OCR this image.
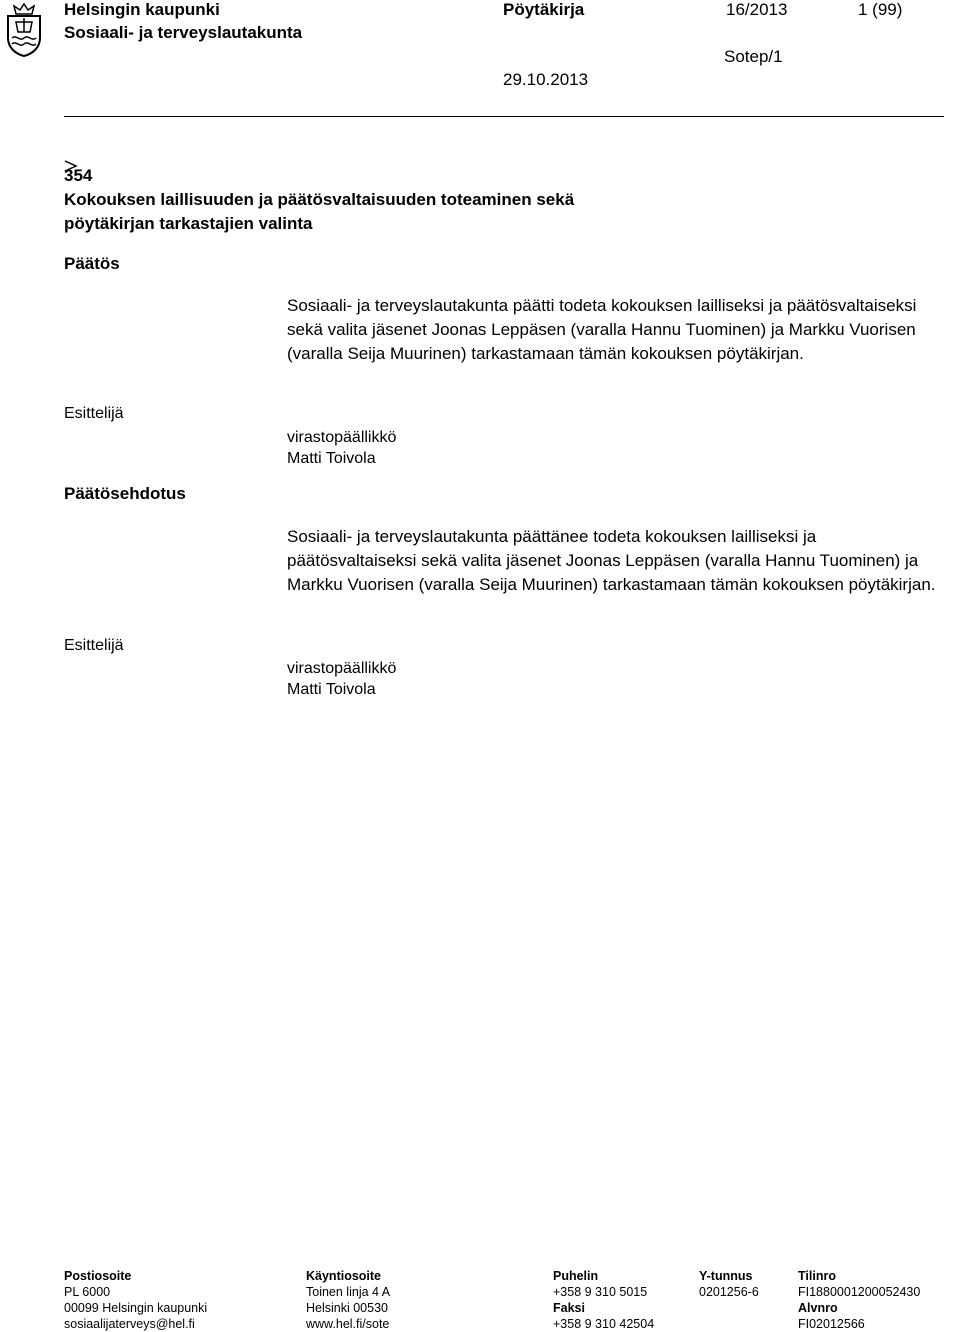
Helsingin kaupunki
Sosiaali- ja terveyslautakunta
Pöytäkirja	16/2013	1 (99)
Sotep/1
29.10.2013
354
Kokouksen laillisuuden ja päätösvaltaisuuden toteaminen sekä
pöytäkirjan tarkastajien valinta
Päätös
Sosiaali- ja terveyslautakunta päätti todeta kokouksen lailliseksi ja päätösvaltaiseksi sekä valita jäsenet Joonas Leppäsen (varalla Hannu Tuominen) ja Markku Vuorisen (varalla Seija Muurinen) tarkastamaan tämän kokouksen pöytäkirjan.
Esittelijä
virastopäällikkö
Matti Toivola
Päätösehdotus
Sosiaali- ja terveyslautakunta päättänee todeta kokouksen lailliseksi ja päätösvaltaiseksi sekä valita jäsenet Joonas Leppäsen (varalla Hannu Tuominen) ja Markku Vuorisen (varalla Seija Muurinen) tarkastamaan tämän kokouksen pöytäkirjan.
Esittelijä
virastopäällikkö
Matti Toivola
Postiosoite
PL 6000
00099 Helsingin kaupunki
sosiaalijaterveys@hel.fi
Käyntiosoite
Toinen linja 4 A
Helsinki 00530
www.hel.fi/sote
Puhelin
+358 9 310 5015
Faksi
+358 9 310 42504
Y-tunnus
0201256-6
Tilinro
FI1880001200052430
Alvnro
FI02012566
